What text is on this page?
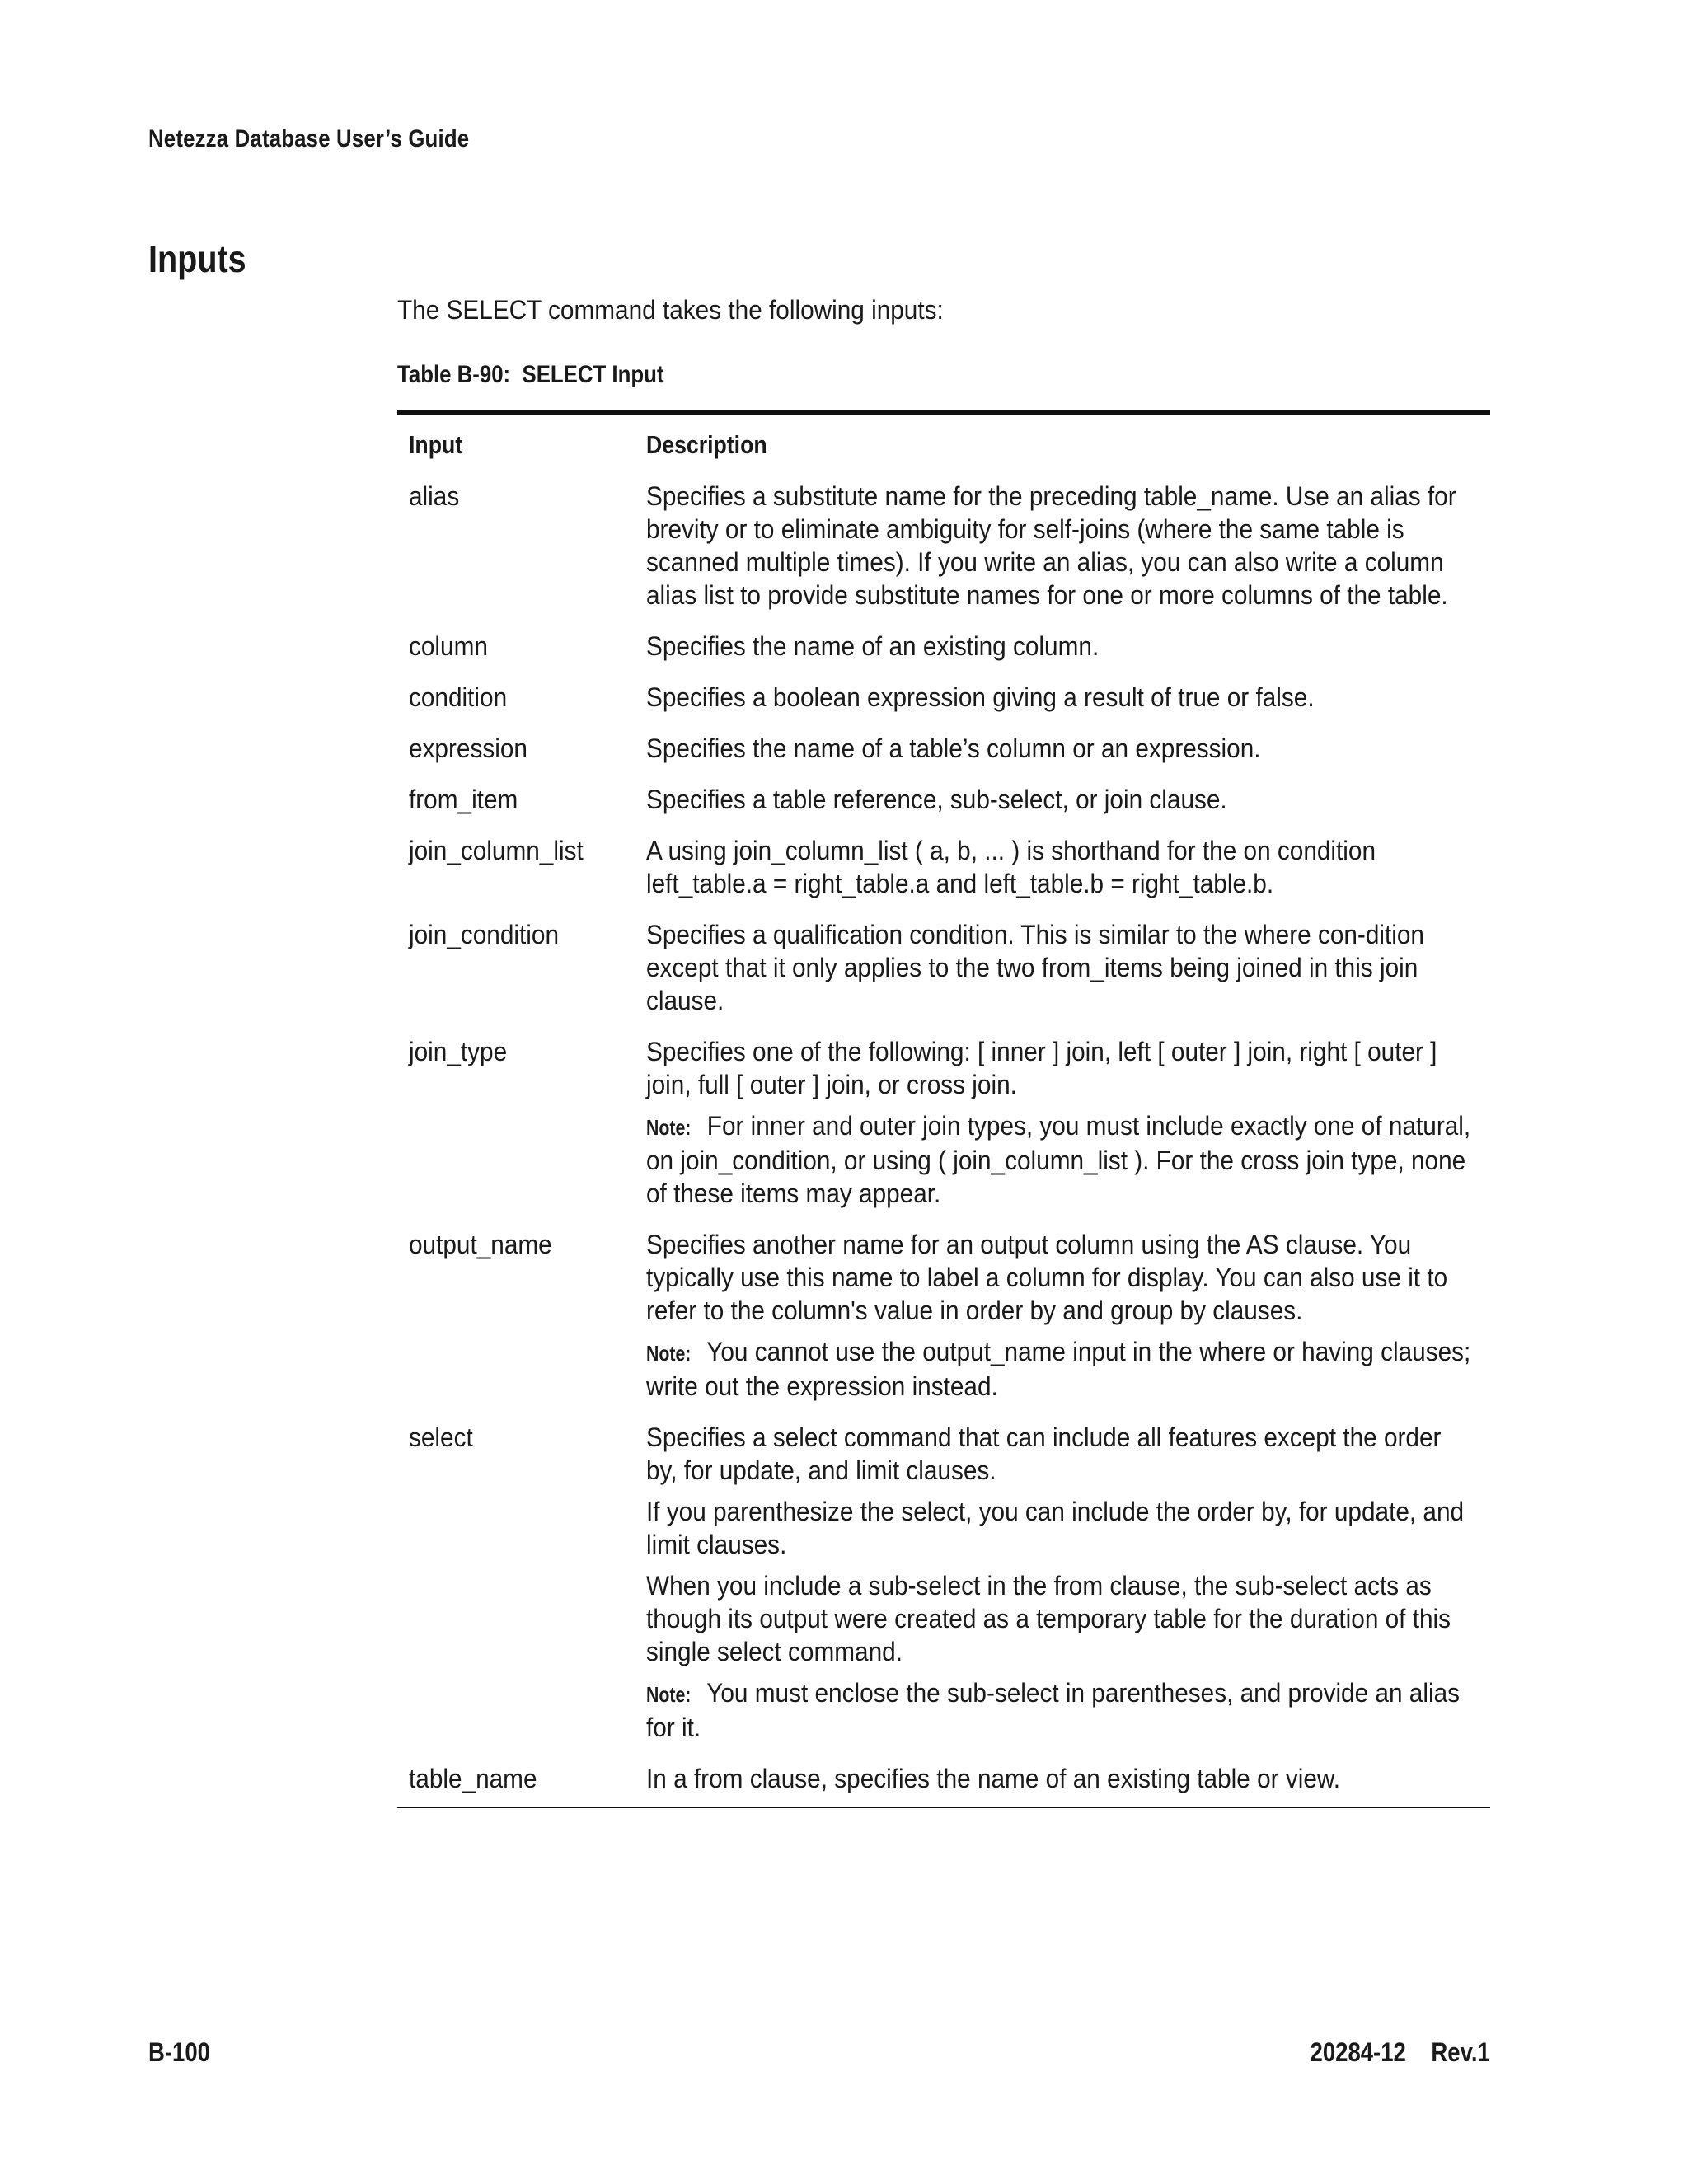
Netezza Database User’s Guide
Inputs
The SELECT command takes the following inputs:
Table B-90:  SELECT Input
Input	Description
alias	Specifies a substitute name for the preceding table_name. Use an alias for brevity or to eliminate ambiguity for self-joins (where the same table is scanned multiple times). If you write an alias, you can also write a column alias list to provide substitute names for one or more columns of the table.
column	Specifies the name of an existing column.
condition	Specifies a boolean expression giving a result of true or false.
expression	Specifies the name of a table’s column or an expression.
from_item	Specifies a table reference, sub-select, or join clause.
join_column_list	A using join_column_list ( a, b, ... ) is shorthand for the on condition left_table.a = right_table.a and left_table.b = right_table.b.
join_condition	Specifies a qualification condition. This is similar to the where con-dition except that it only applies to the two from_items being joined in this join clause.
join_type	Specifies one of the following: [ inner ] join, left [ outer ] join, right [ outer ] join, full [ outer ] join, or cross join.
Note: For inner and outer join types, you must include exactly one of natural, on join_condition, or using ( join_column_list ). For the cross join type, none of these items may appear.
output_name	Specifies another name for an output column using the AS clause. You typically use this name to label a column for display. You can also use it to refer to the column's value in order by and group by clauses.
Note: You cannot use the output_name input in the where or having clauses; write out the expression instead.
select	Specifies a select command that can include all features except the order by, for update, and limit clauses.
If you parenthesize the select, you can include the order by, for update, and limit clauses.
When you include a sub-select in the from clause, the sub-select acts as though its output were created as a temporary table for the duration of this single select command.
Note: You must enclose the sub-select in parentheses, and provide an alias for it.
table_name	In a from clause, specifies the name of an existing table or view.
B-100	20284-12    Rev.1
